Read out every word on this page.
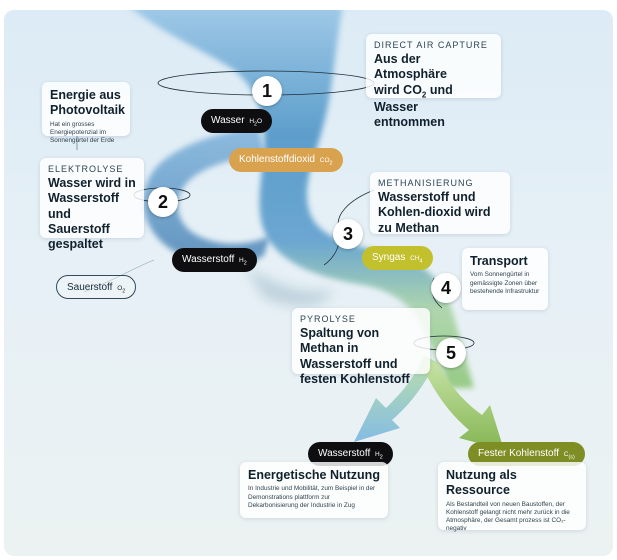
1
2
3
4
5
DIRECT AIR CAPTURE
Aus der Atmosphäre
wird $CO_2$ und Wasser
entnommen
Energie aus Photovoltaik
Hat ein grosses Energiepotenzial im Sonnengürtel der Erde
ELEKTROLYSE
Wasser wird in Wasserstoff und Sauerstoff gespaltet
METHANISIERUNG
Wasserstoff und Kohlen-dioxid wird zu Methan
Transport
Vom Sonnengürtel in gemässigte Zonen über bestehende Infrastruktur
PYROLYSE
Spaltung von Methan in Wasserstoff und festen Kohlenstoff
Wasser $H_2O$
Kohlenstoffdioxid $CO_2$
Wasserstoff $H_2$
Sauerstoff $O_2$
Syngas $CH_4$
Wasserstoff $H_2$	Fester Kohlenstoff $C_{(s)}$
Energetische Nutzung
In Industrie und Mobilität, zum Beispiel in der Demonstrations plattform zur Dekarbonisierung der Industrie in Zug
Nutzung als Ressource
Als Bestandteil von neuen Baustoffen, der Kohlenstoff gelangt nicht mehr zurück in die Atmosphäre, der Gesamt prozess ist CO₂-negativ
